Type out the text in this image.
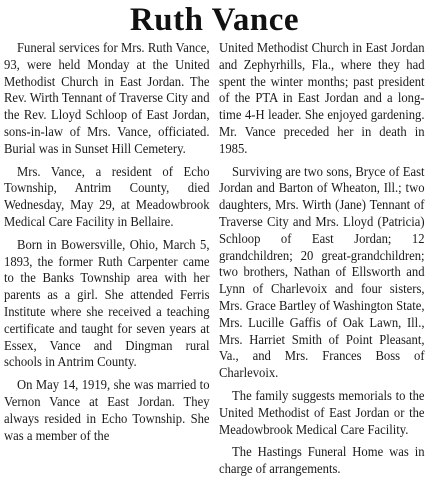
Ruth Vance

Funeral services for Mrs. Ruth Vance, 93, were held Monday at the United Methodist Church in East Jordan. The Rev. Wirth Tennant of Traverse City and the Rev. Lloyd Schloop of East Jordan, sons-in-law of Mrs. Vance, officiated. Burial was in Sunset Hill Cemetery.

Mrs. Vance, a resident of Echo Township, Antrim County, died Wednesday, May 29, at Meadowbrook Medical Care Facility in Bellaire.

Born in Bowersville, Ohio, March 5, 1893, the former Ruth Carpenter came to the Banks Township area with her parents as a girl. She attended Ferris Institute where she received a teaching certificate and taught for seven years at Essex, Vance and Dingman rural schools in Antrim County.

On May 14, 1919, she was married to Vernon Vance at East Jordan. They always resided in Echo Township. She was a member of the

United Methodist Church in East Jordan and Zephyrhills, Fla., where they had spent the winter months; past president of the PTA in East Jordan and a long-time 4-H leader. She enjoyed gardening. Mr. Vance preceded her in death in 1985.

Surviving are two sons, Bryce of East Jordan and Barton of Wheaton, Ill.; two daughters, Mrs. Wirth (Jane) Tennant of Traverse City and Mrs. Lloyd (Patricia) Schloop of East Jordan; 12 grandchildren; 20 great-grandchildren; two brothers, Nathan of Ellsworth and Lynn of Charlevoix and four sisters, Mrs. Grace Bartley of Washington State, Mrs. Lucille Gaffis of Oak Lawn, Ill., Mrs. Harriet Smith of Point Pleasant, Va., and Mrs. Frances Boss of Charlevoix.

The family suggests memorials to the United Methodist of East Jordan or the Meadowbrook Medical Care Facility.

The Hastings Funeral Home was in charge of arrangements.
